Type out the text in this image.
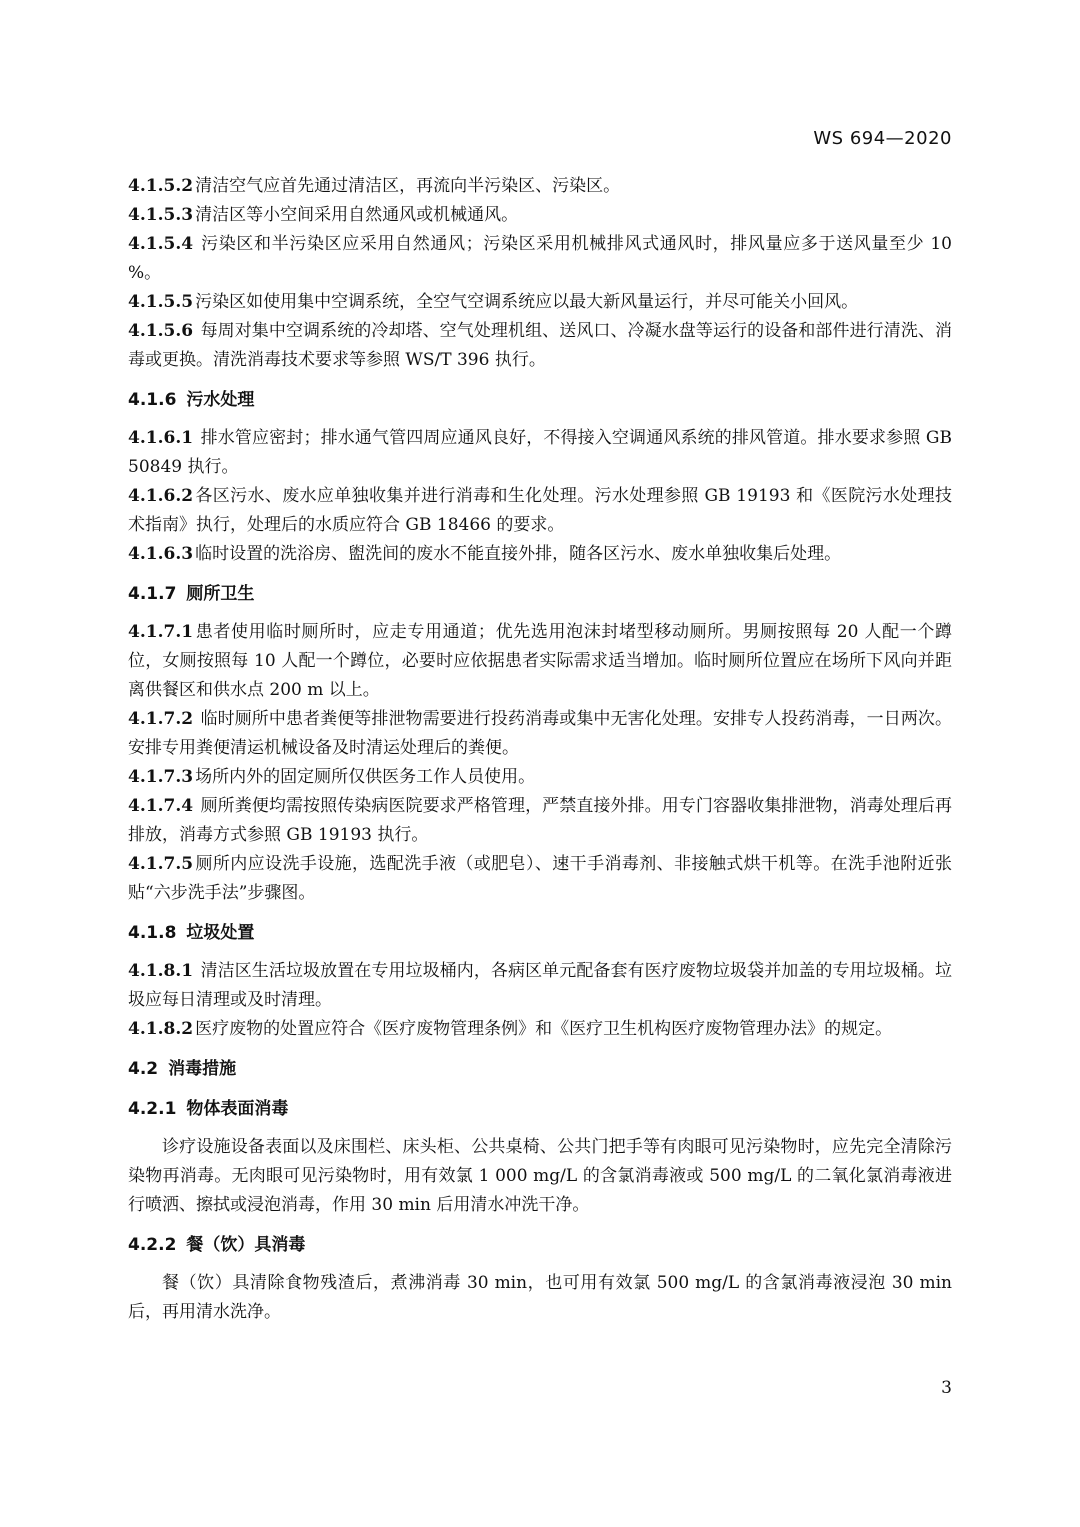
WS 694—2020

4.1.5.2 清洁空气应首先通过清洁区，再流向半污染区、污染区。

4.1.5.3 清洁区等小空间采用自然通风或机械通风。

4.1.5.4 污染区和半污染区应采用自然通风；污染区采用机械排风式通风时，排风量应多于送风量至少 10 %。

4.1.5.5 污染区如使用集中空调系统，全空气空调系统应以最大新风量运行，并尽可能关小回风。

4.1.5.6 每周对集中空调系统的冷却塔、空气处理机组、送风口、冷凝水盘等运行的设备和部件进行清洗、消毒或更换。清洗消毒技术要求等参照 WS/T 396 执行。

4.1.6 污水处理

4.1.6.1 排水管应密封；排水通气管四周应通风良好，不得接入空调通风系统的排风管道。排水要求参照 GB 50849 执行。

4.1.6.2 各区污水、废水应单独收集并进行消毒和生化处理。污水处理参照 GB 19193 和《医院污水处理技术指南》执行，处理后的水质应符合 GB 18466 的要求。

4.1.6.3 临时设置的洗浴房、盥洗间的废水不能直接外排，随各区污水、废水单独收集后处理。

4.1.7 厕所卫生

4.1.7.1 患者使用临时厕所时，应走专用通道；优先选用泡沫封堵型移动厕所。男厕按照每 20 人配一个蹲位，女厕按照每 10 人配一个蹲位，必要时应依据患者实际需求适当增加。临时厕所位置应在场所下风向并距离供餐区和供水点 200 m 以上。

4.1.7.2 临时厕所中患者粪便等排泄物需要进行投药消毒或集中无害化处理。安排专人投药消毒，一日两次。安排专用粪便清运机械设备及时清运处理后的粪便。

4.1.7.3 场所内外的固定厕所仅供医务工作人员使用。

4.1.7.4 厕所粪便均需按照传染病医院要求严格管理，严禁直接外排。用专门容器收集排泄物，消毒处理后再排放，消毒方式参照 GB 19193 执行。

4.1.7.5 厕所内应设洗手设施，选配洗手液（或肥皂）、速干手消毒剂、非接触式烘干机等。在洗手池附近张贴“六步洗手法”步骤图。

4.1.8 垃圾处置

4.1.8.1 清洁区生活垃圾放置在专用垃圾桶内，各病区单元配备套有医疗废物垃圾袋并加盖的专用垃圾桶。垃圾应每日清理或及时清理。

4.1.8.2 医疗废物的处置应符合《医疗废物管理条例》和《医疗卫生机构医疗废物管理办法》的规定。

4.2 消毒措施
4.2.1 物体表面消毒

诊疗设施设备表面以及床围栏、床头柜、公共桌椅、公共门把手等有肉眼可见污染物时，应先完全清除污染物再消毒。无肉眼可见污染物时，用有效氯 1 000 mg/L 的含氯消毒液或 500 mg/L 的二氧化氯消毒液进行喷洒、擦拭或浸泡消毒，作用 30 min 后用清水冲洗干净。

4.2.2 餐（饮）具消毒

餐（饮）具清除食物残渣后，煮沸消毒 30 min，也可用有效氯 500 mg/L 的含氯消毒液浸泡 30 min 后，再用清水洗净。

3
